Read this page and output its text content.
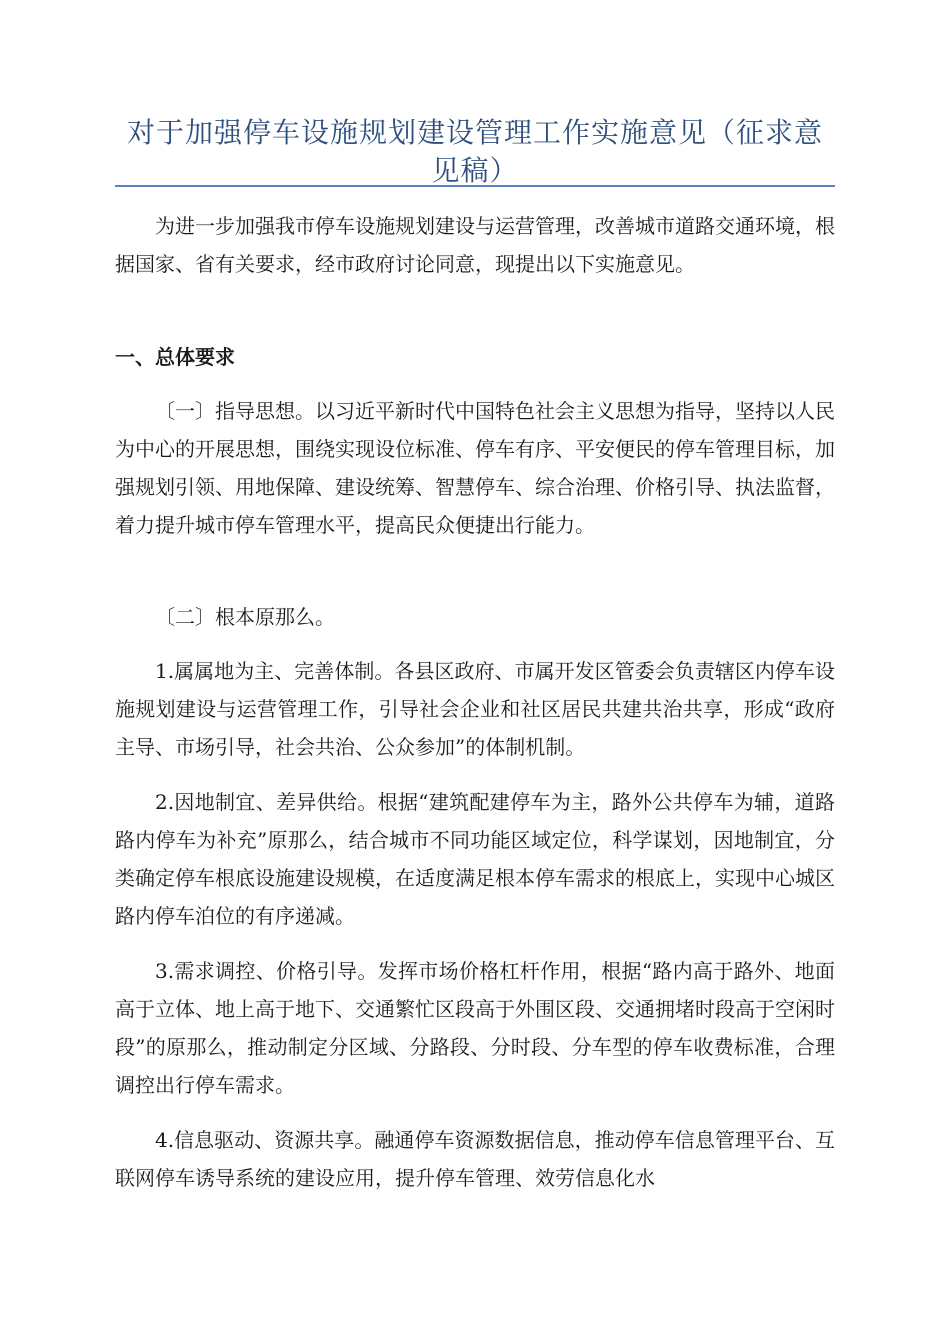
对于加强停车设施规划建设管理工作实施意见（征求意见稿）

为进一步加强我市停车设施规划建设与运营管理，改善城市道路交通环境，根据国家、省有关要求，经市政府讨论同意，现提出以下实施意见。

一、总体要求

〔一〕指导思想。以习近平新时代中国特色社会主义思想为指导，坚持以人民为中心的开展思想，围绕实现设位标准、停车有序、平安便民的停车管理目标，加强规划引领、用地保障、建设统筹、智慧停车、综合治理、价格引导、执法监督，着力提升城市停车管理水平，提高民众便捷出行能力。

〔二〕根本原那么。

1.属属地为主、完善体制。各县区政府、市属开发区管委会负责辖区内停车设施规划建设与运营管理工作，引导社会企业和社区居民共建共治共享，形成“政府主导、市场引导，社会共治、公众参加”的体制机制。

2.因地制宜、差异供给。根据“建筑配建停车为主，路外公共停车为辅，道路路内停车为补充”原那么，结合城市不同功能区域定位，科学谋划，因地制宜，分类确定停车根底设施建设规模，在适度满足根本停车需求的根底上，实现中心城区路内停车泊位的有序递减。

3.需求调控、价格引导。发挥市场价格杠杆作用，根据“路内高于路外、地面高于立体、地上高于地下、交通繁忙区段高于外围区段、交通拥堵时段高于空闲时段”的原那么，推动制定分区域、分路段、分时段、分车型的停车收费标准，合理调控出行停车需求。

4.信息驱动、资源共享。融通停车资源数据信息，推动停车信息管理平台、互联网停车诱导系统的建设应用，提升停车管理、效劳信息化水
